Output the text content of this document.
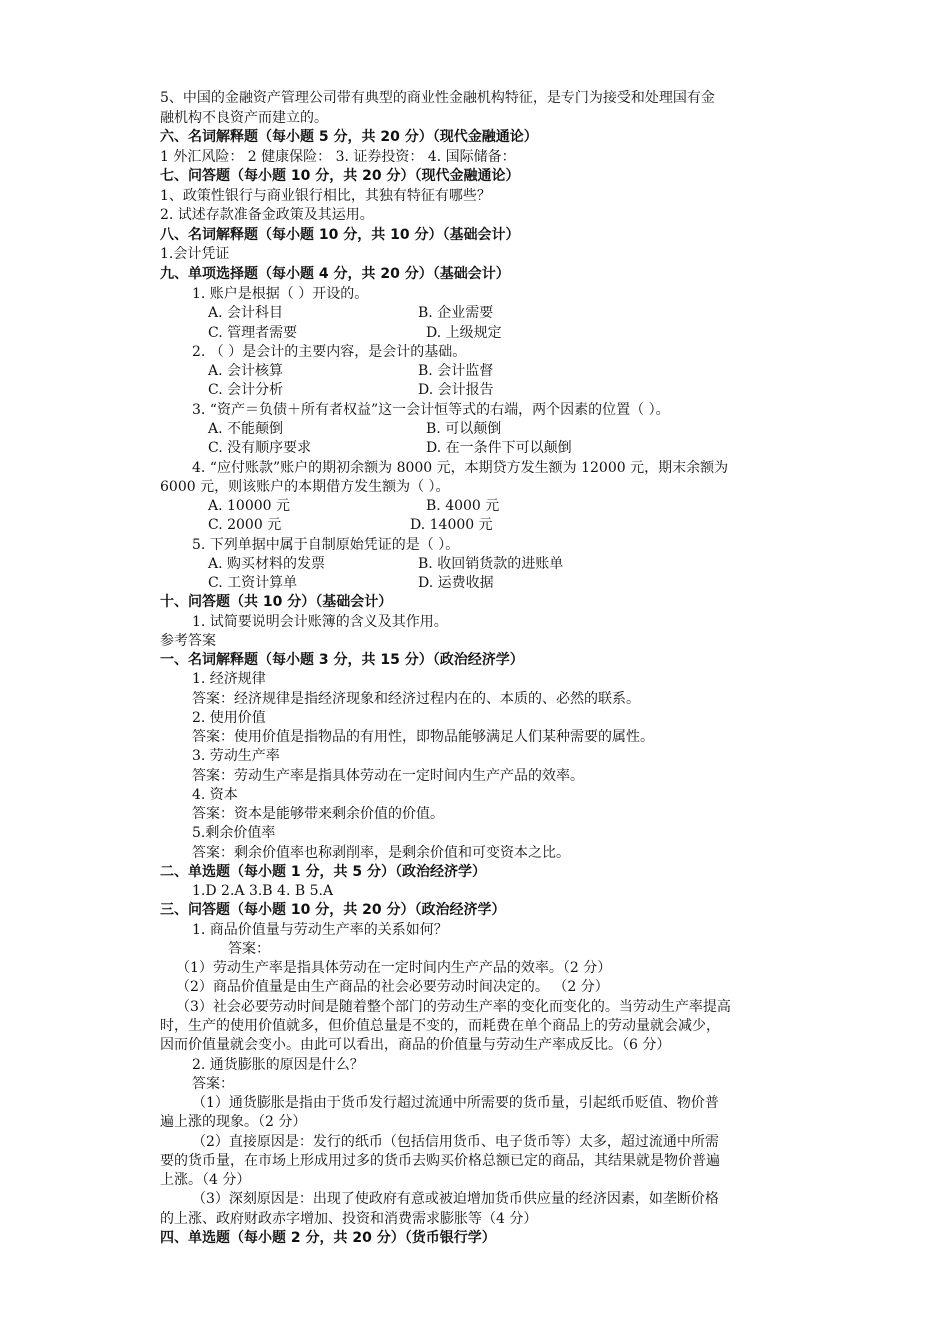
5、中国的金融资产管理公司带有典型的商业性金融机构特征，是专门为接受和处理国有金
融机构不良资产而建立的。
六、名词解释题（每小题 5 分，共 20 分）（现代金融通论）
1 外汇风险： 2 健康保险： 3. 证券投资： 4. 国际储备：
七、问答题（每小题 10 分，共 20 分）（现代金融通论）
1、政策性银行与商业银行相比，其独有特征有哪些？
2. 试述存款准备金政策及其运用。
八、名词解释题（每小题 10 分，共 10 分）（基础会计）
1.会计凭证
九、单项选择题（每小题 4 分，共 20 分）（基础会计）
1. 账户是根据（ ）开设的。
A. 会计科目	B. 企业需要
C. 管理者需要	D. 上级规定
2. （ ）是会计的主要内容，是会计的基础。
A. 会计核算	B. 会计监督
C. 会计分析	D. 会计报告
3. “资产＝负债＋所有者权益”这一会计恒等式的右端，两个因素的位置（ ）。
A. 不能颠倒	B. 可以颠倒
C. 没有顺序要求	D. 在一条件下可以颠倒
4. “应付账款”账户的期初余额为 8000 元，本期贷方发生额为 12000 元，期末余额为
6000 元，则该账户的本期借方发生额为（ ）。
A. 10000 元	B. 4000 元
C. 2000 元	D. 14000 元
5. 下列单据中属于自制原始凭证的是（ ）。
A. 购买材料的发票	B. 收回销货款的进账单
C. 工资计算单	D. 运费收据
十、问答题（共 10 分）（基础会计）
1. 试简要说明会计账簿的含义及其作用。
参考答案
一、名词解释题（每小题 3 分，共 15 分）（政治经济学）
1. 经济规律
答案：经济规律是指经济现象和经济过程内在的、本质的、必然的联系。
2. 使用价值
答案：使用价值是指物品的有用性，即物品能够满足人们某种需要的属性。
3. 劳动生产率
答案：劳动生产率是指具体劳动在一定时间内生产产品的效率。
4. 资本
答案：资本是能够带来剩余价值的价值。
5.剩余价值率
答案：剩余价值率也称剥削率，是剩余价值和可变资本之比。
二、单选题（每小题 1 分，共 5 分）（政治经济学）
1.D 2.A 3.B 4. B 5.A
三、问答题（每小题 10 分，共 20 分）（政治经济学）
1. 商品价值量与劳动生产率的关系如何？
答案：
（1）劳动生产率是指具体劳动在一定时间内生产产品的效率。（2 分）
（2）商品价值量是由生产商品的社会必要劳动时间决定的。 （2 分）
（3）社会必要劳动时间是随着整个部门的劳动生产率的变化而变化的。当劳动生产率提高
时，生产的使用价值就多，但价值总量是不变的，而耗费在单个商品上的劳动量就会减少，
因而价值量就会变小。由此可以看出，商品的价值量与劳动生产率成反比。（6 分）
2. 通货膨胀的原因是什么？
答案：
（1）通货膨胀是指由于货币发行超过流通中所需要的货币量，引起纸币贬值、物价普
遍上涨的现象。（2 分）
（2）直接原因是：发行的纸币（包括信用货币、电子货币等）太多，超过流通中所需
要的货币量，在市场上形成用过多的货币去购买价格总额已定的商品，其结果就是物价普遍
上涨。（4 分）
（3）深刻原因是：出现了使政府有意或被迫增加货币供应量的经济因素，如垄断价格
的上涨、政府财政赤字增加、投资和消费需求膨胀等（4 分）
四、单选题（每小题 2 分，共 20 分）（货币银行学）
